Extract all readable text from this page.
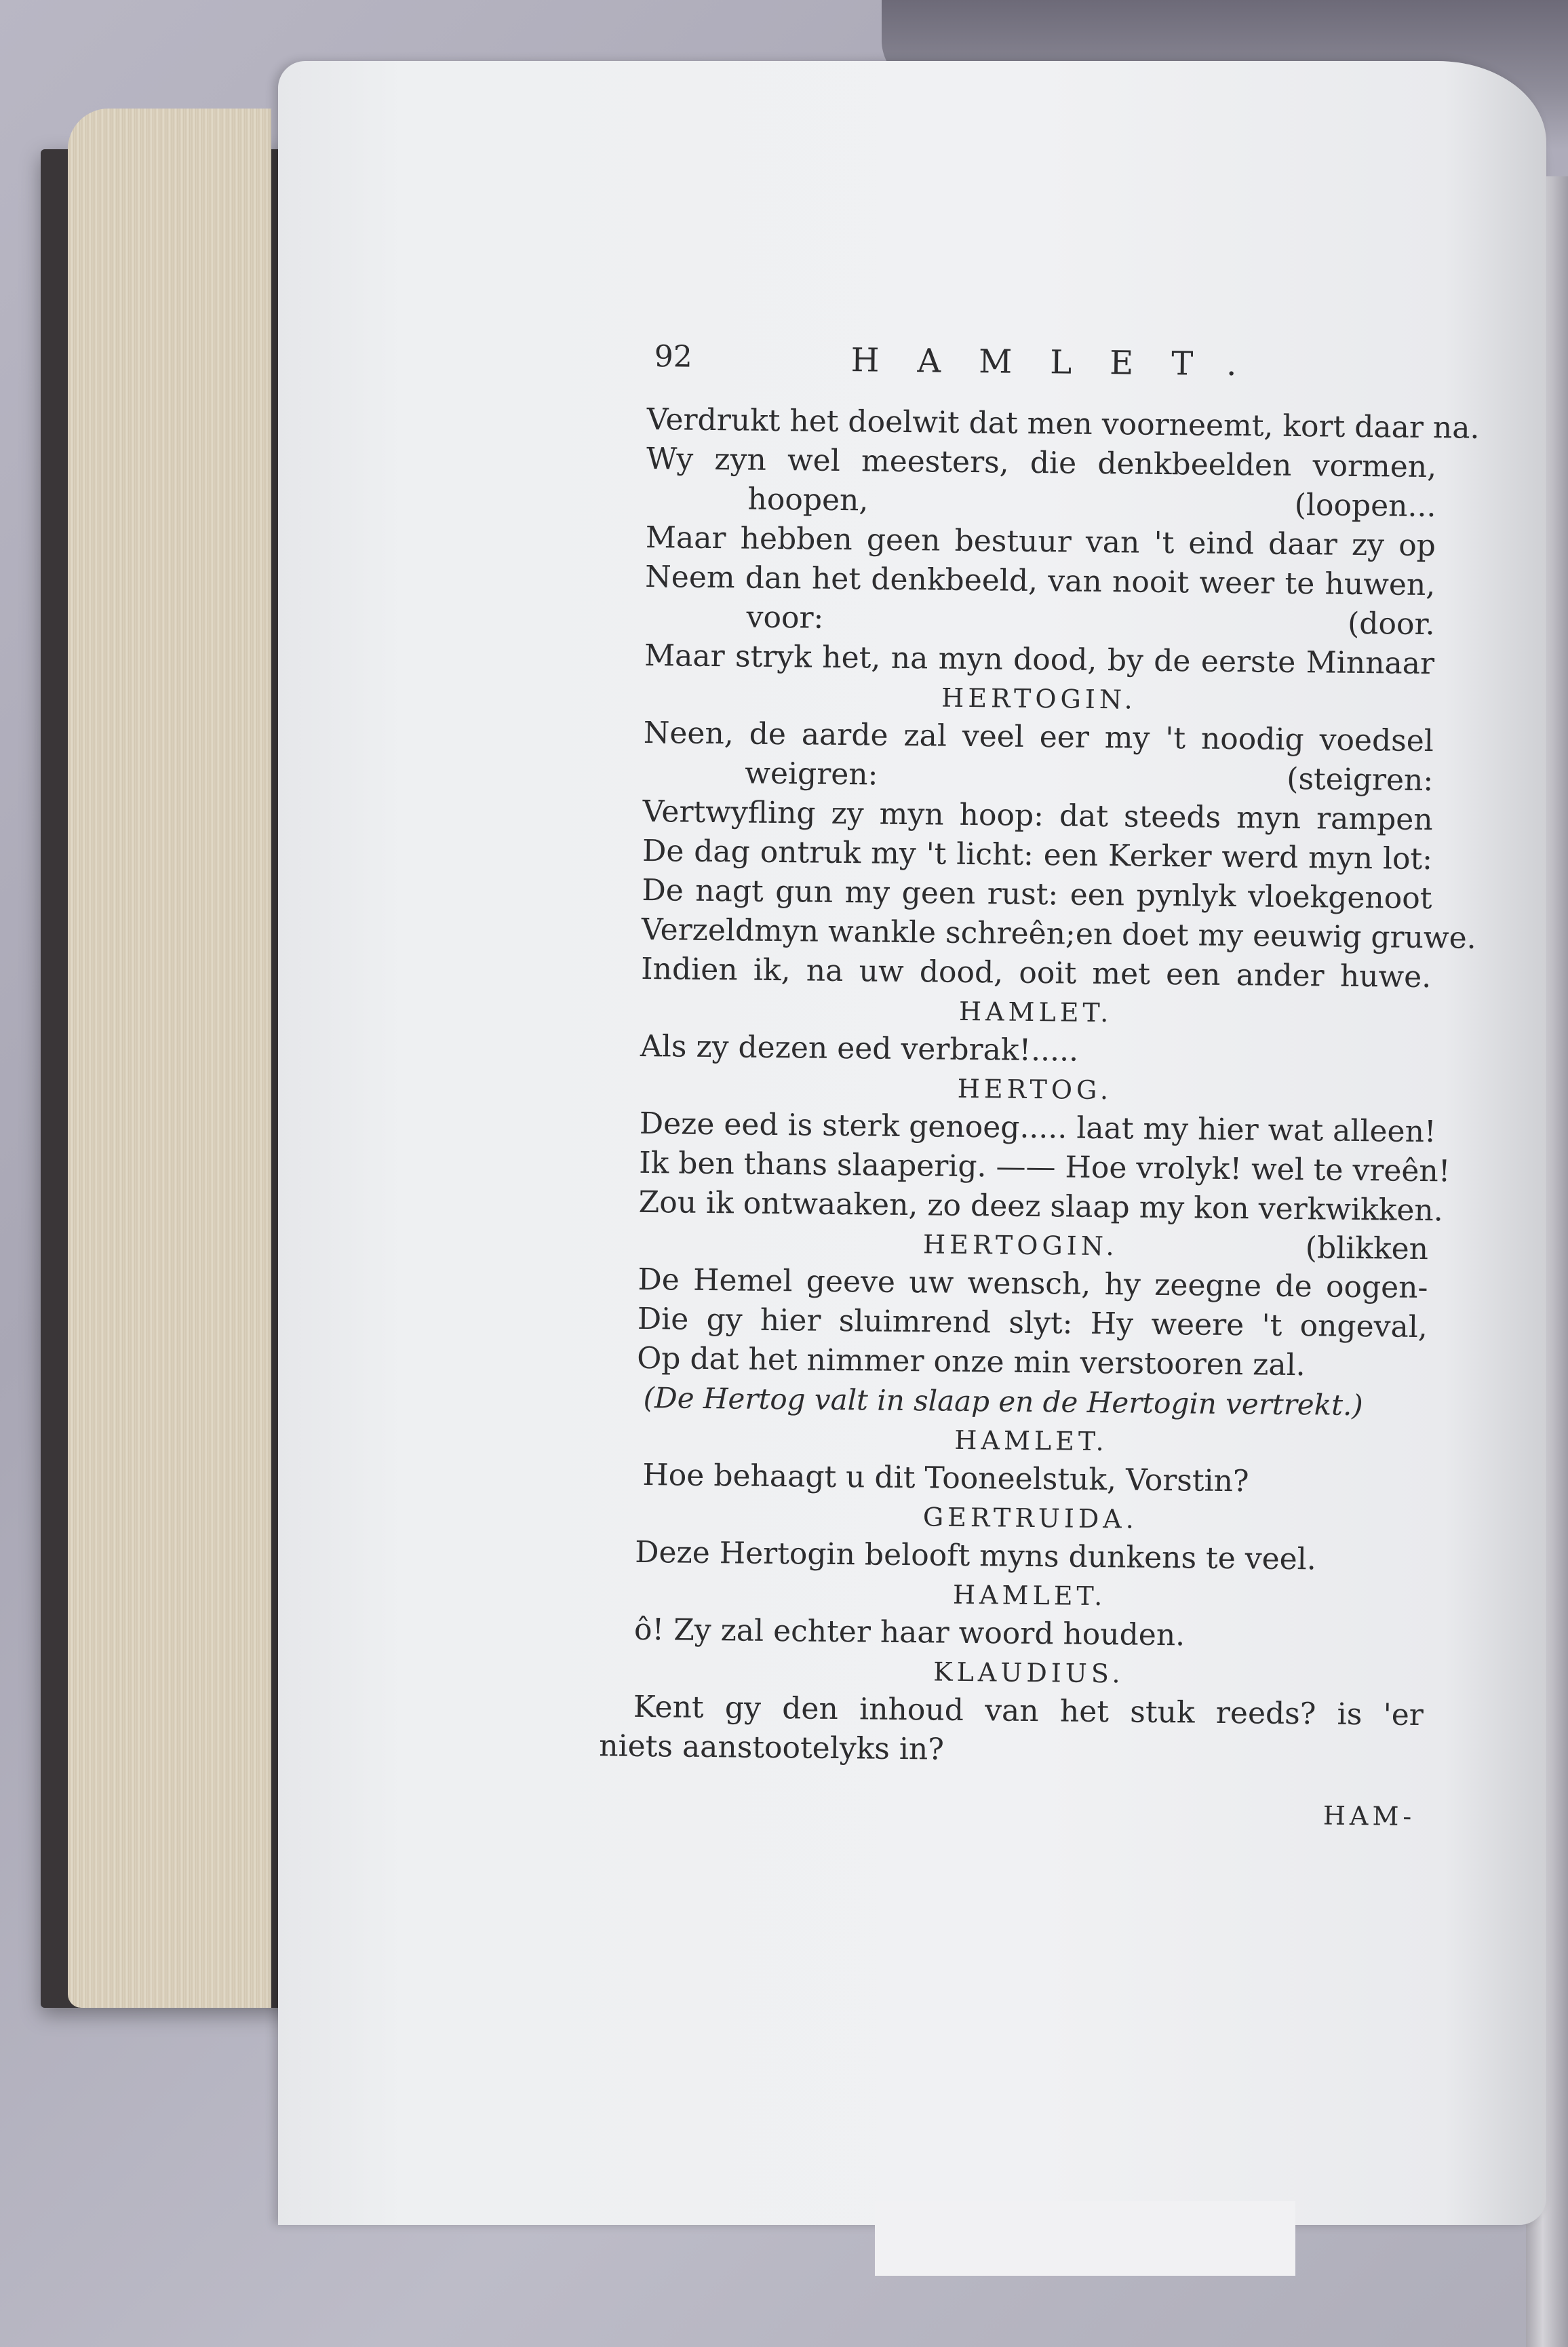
92	HAMLET.
Verdrukt het doelwit dat men voorneemt, kort daar na.
Wy zyn wel meesters, die denkbeelden vormen,
hoopen,	(loopen...
Maar hebben geen bestuur van 't eind daar zy op
Neem dan het denkbeeld, van nooit weer te huwen,
voor:	(door.
Maar stryk het, na myn dood, by de eerste Minnaar
HERTOGIN.
Neen, de aarde zal veel eer my 't noodig voedsel
weigren:	(steigren:
Vertwyfling zy myn hoop: dat steeds myn rampen
De dag ontruk my 't licht: een Kerker werd myn lot:
De nagt gun my geen rust: een pynlyk vloekgenoot
Verzeldmyn wankle schreên;en doet my eeuwig gruwe.
Indien ik, na uw dood, ooit met een ander huwe.
HAMLET.
Als zy dezen eed verbrak!.....
HERTOG.
Deze eed is sterk genoeg..... laat my hier wat alleen!
Ik ben thans slaaperig. —— Hoe vrolyk! wel te vreên!
Zou ik ontwaaken, zo deez slaap my kon verkwikken.
HERTOGIN.	(blikken
De Hemel geeve uw wensch, hy zeegne de oogen-
Die gy hier sluimrend slyt: Hy weere 't ongeval,
Op dat het nimmer onze min verstooren zal.
(De Hertog valt in slaap en de Hertogin vertrekt.)
HAMLET.
Hoe behaagt u dit Tooneelstuk, Vorstin?
GERTRUIDA.
Deze Hertogin belooft myns dunkens te veel.
HAMLET.
ô! Zy zal echter haar woord houden.
KLAUDIUS.
Kent gy den inhoud van het stuk reeds? is 'er
niets aanstootelyks in?
HAM-
